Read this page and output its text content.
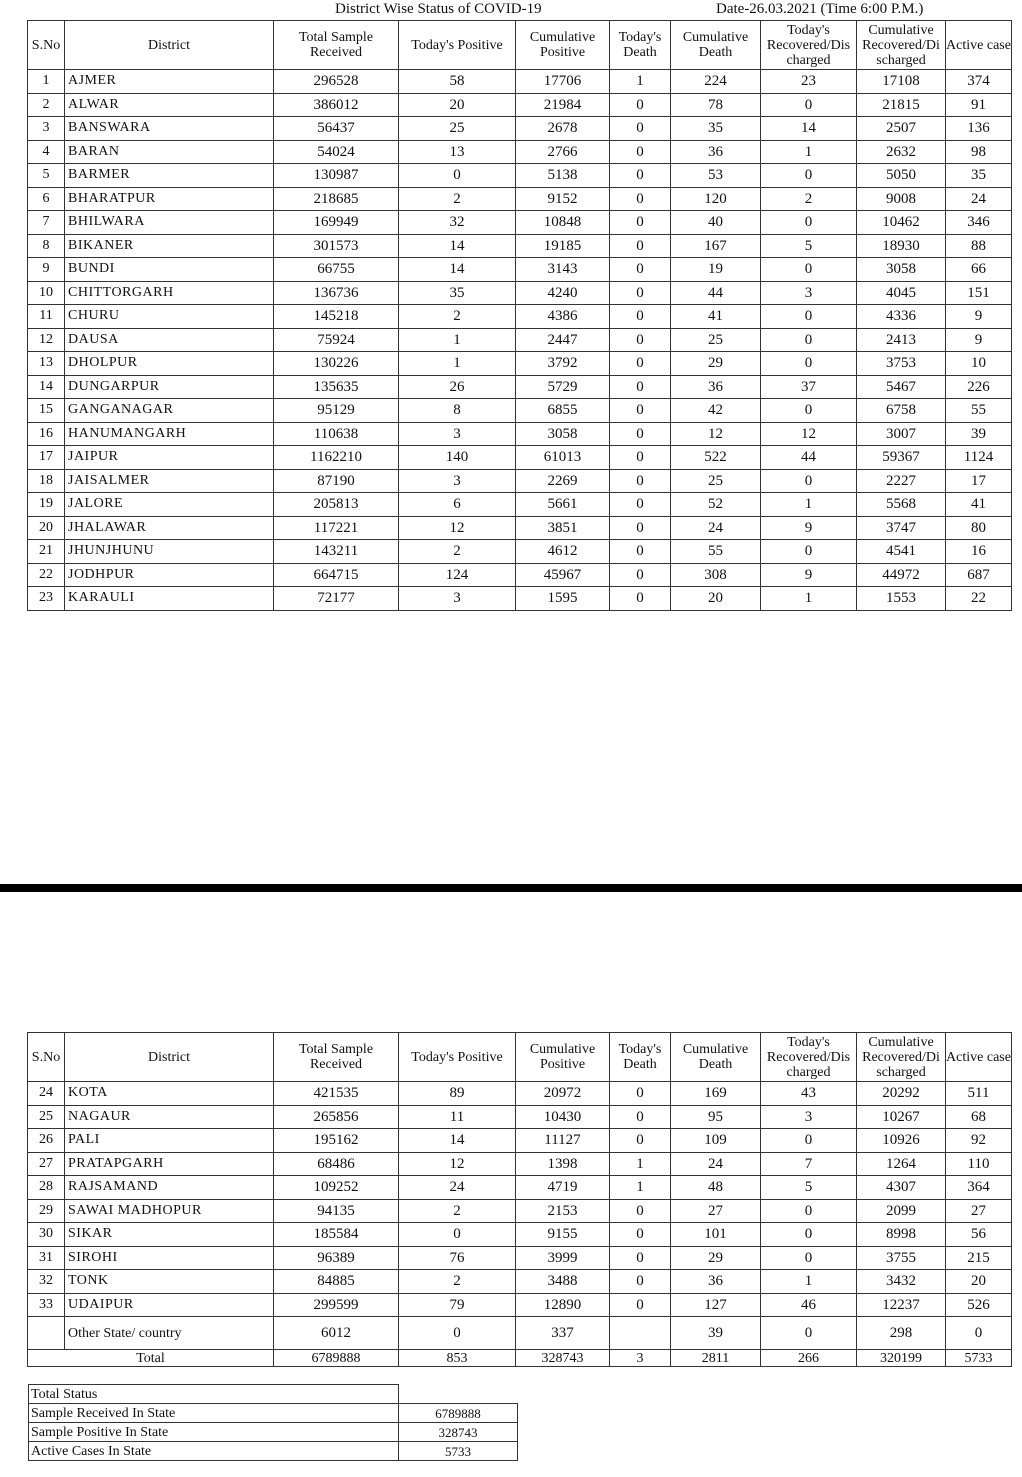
District Wise Status of COVID-19	Date-26.03.2021 (Time 6:00 P.M.)
S.No	District	Total Sample Received	Today's Positive	Cumulative Positive	Today's Death	Cumulative Death	Today's Recovered/Dis charged	Cumulative Recovered/Di scharged	Active case
1	AJMER	296528	58	17706	1	224	23	17108	374
2	ALWAR	386012	20	21984	0	78	0	21815	91
3	BANSWARA	56437	25	2678	0	35	14	2507	136
4	BARAN	54024	13	2766	0	36	1	2632	98
5	BARMER	130987	0	5138	0	53	0	5050	35
6	BHARATPUR	218685	2	9152	0	120	2	9008	24
7	BHILWARA	169949	32	10848	0	40	0	10462	346
8	BIKANER	301573	14	19185	0	167	5	18930	88
9	BUNDI	66755	14	3143	0	19	0	3058	66
10	CHITTORGARH	136736	35	4240	0	44	3	4045	151
11	CHURU	145218	2	4386	0	41	0	4336	9
12	DAUSA	75924	1	2447	0	25	0	2413	9
13	DHOLPUR	130226	1	3792	0	29	0	3753	10
14	DUNGARPUR	135635	26	5729	0	36	37	5467	226
15	GANGANAGAR	95129	8	6855	0	42	0	6758	55
16	HANUMANGARH	110638	3	3058	0	12	12	3007	39
17	JAIPUR	1162210	140	61013	0	522	44	59367	1124
18	JAISALMER	87190	3	2269	0	25	0	2227	17
19	JALORE	205813	6	5661	0	52	1	5568	41
20	JHALAWAR	117221	12	3851	0	24	9	3747	80
21	JHUNJHUNU	143211	2	4612	0	55	0	4541	16
22	JODHPUR	664715	124	45967	0	308	9	44972	687
23	KARAULI	72177	3	1595	0	20	1	1553	22
S.No	District	Total Sample Received	Today's Positive	Cumulative Positive	Today's Death	Cumulative Death	Today's Recovered/Dis charged	Cumulative Recovered/Di scharged	Active case
24	KOTA	421535	89	20972	0	169	43	20292	511
25	NAGAUR	265856	11	10430	0	95	3	10267	68
26	PALI	195162	14	11127	0	109	0	10926	92
27	PRATAPGARH	68486	12	1398	1	24	7	1264	110
28	RAJSAMAND	109252	24	4719	1	48	5	4307	364
29	SAWAI MADHOPUR	94135	2	2153	0	27	0	2099	27
30	SIKAR	185584	0	9155	0	101	0	8998	56
31	SIROHI	96389	76	3999	0	29	0	3755	215
32	TONK	84885	2	3488	0	36	1	3432	20
33	UDAIPUR	299599	79	12890	0	127	46	12237	526
	Other State/ country	6012	0	337		39	0	298	0
Total		6789888	853	328743	3	2811	266	320199	5733
Total Status	
Sample Received In State	6789888
Sample Positive In State	328743
Active Cases In State	5733
